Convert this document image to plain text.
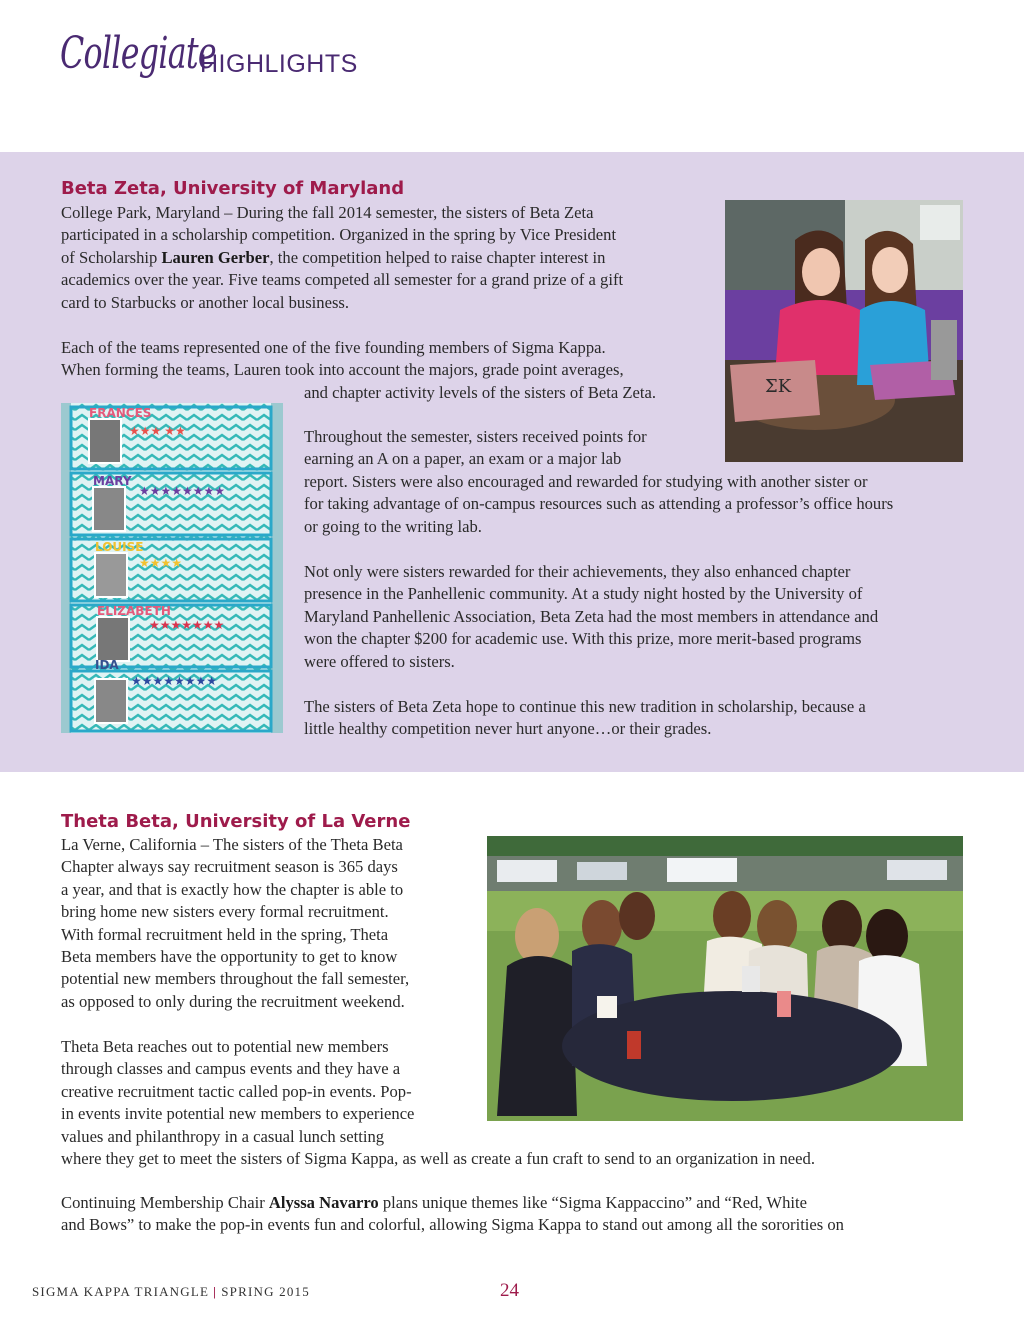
Collegiate
HIGHLIGHTS
Beta Zeta, University of Maryland
College Park, Maryland – During the fall 2014 semester, the sisters of Beta Zeta
participated in a scholarship competition. Organized in the spring by Vice President
of Scholarship Lauren Gerber, the competition helped to raise chapter interest in
academics over the year. Five teams competed all semester for a grand prize of a gift
card to Starbucks or another local business.
Each of the teams represented one of the five founding members of Sigma Kappa.
When forming the teams, Lauren took into account the majors, grade point averages,
and chapter activity levels of the sisters of Beta Zeta.
Throughout the semester, sisters received points for
earning an A on a paper, an exam or a major lab
report. Sisters were also encouraged and rewarded for studying with another sister or
for taking advantage of on-campus resources such as attending a professor’s office hours
or going to the writing lab.
Not only were sisters rewarded for their achievements, they also enhanced chapter
presence in the Panhellenic community. At a study night hosted by the University of
Maryland Panhellenic Association, Beta Zeta had the most members in attendance and
won the chapter $200 for academic use. With this prize, more merit-based programs
were offered to sisters.
The sisters of Beta Zeta hope to continue this new tradition in scholarship, because a
little healthy competition never hurt anyone…or their grades.
ΣK
FRANCES
★★★ ★★
MARY
★★★★★★★★
LOUISE
★★★★
ELIZABETH
★★★★★★★
IDA
★★★★★★★★
Theta Beta, University of La Verne
La Verne, California – The sisters of the Theta Beta
Chapter always say recruitment season is 365 days
a year, and that is exactly how the chapter is able to
bring home new sisters every formal recruitment.
With formal recruitment held in the spring, Theta
Beta members have the opportunity to get to know
potential new members throughout the fall semester,
as opposed to only during the recruitment weekend.
Theta Beta reaches out to potential new members
through classes and campus events and they have a
creative recruitment tactic called pop-in events. Pop-
in events invite potential new members to experience
values and philanthropy in a casual lunch setting
where they get to meet the sisters of Sigma Kappa, as well as create a fun craft to send to an organization in need.
Continuing Membership Chair Alyssa Navarro plans unique themes like “Sigma Kappaccino” and “Red, White
and Bows” to make the pop-in events fun and colorful, allowing Sigma Kappa to stand out among all the sororities on
SIGMA KAPPA TRIANGLE | SPRING 2015	24
